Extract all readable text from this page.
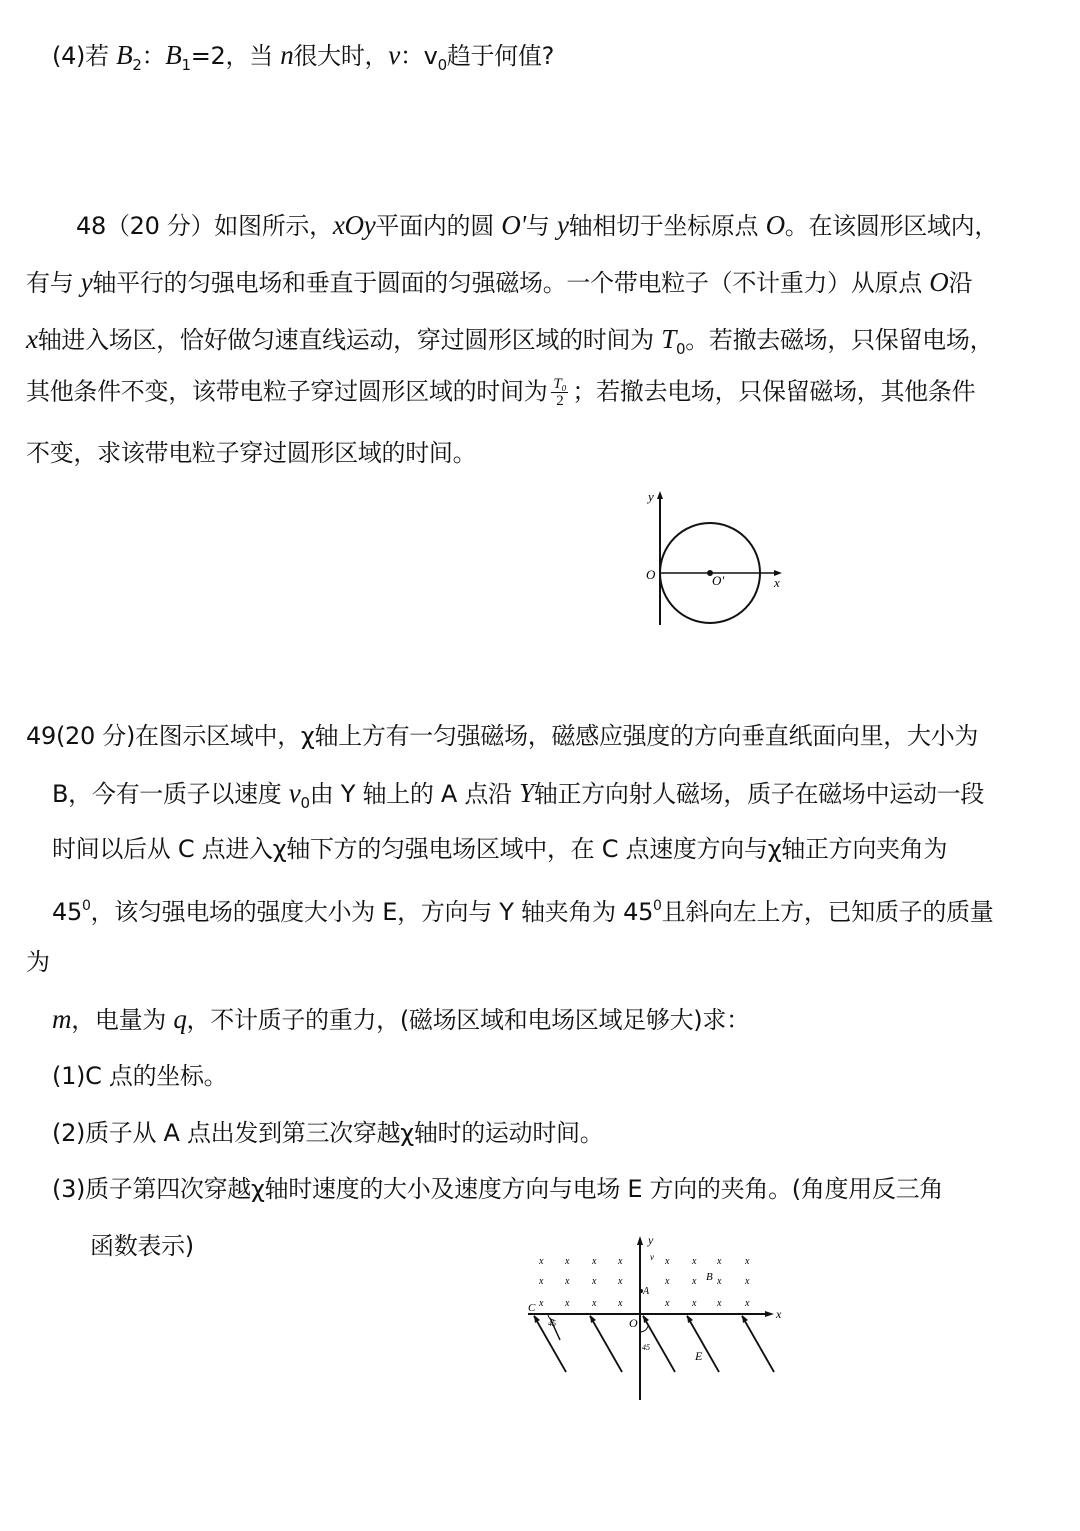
(4)若 $B_2$：$B_1=2$，当 n很大时，v：$v_0$趋于何值?
48（20 分）如图所示，xOy平面内的圆 O'与 y轴相切于坐标原点 O。在该圆形区域内，
有与 y轴平行的匀强电场和垂直于圆面的匀强磁场。一个带电粒子（不计重力）从原点 O沿
x轴进入场区，恰好做匀速直线运动，穿过圆形区域的时间为 $T_0$。若撤去磁场，只保留电场，
其他条件不变，该带电粒子穿过圆形区域的时间为 $\frac{\text{T₀}}{2}$ ；若撤去电场，只保留磁场，其他条件
不变，求该带电粒子穿过圆形区域的时间。
49(20 分)在图示区域中，χ轴上方有一匀强磁场，磁感应强度的方向垂直纸面向里，大小为
B，今有一质子以速度 $v_0$由 Y 轴上的 A 点沿 Y轴正方向射人磁场，质子在磁场中运动一段
时间以后从 C 点进入χ轴下方的匀强电场区域中，在 C 点速度方向与χ轴正方向夹角为
$45^0$，该匀强电场的强度大小为 E，方向与 Y 轴夹角为 $45^0$且斜向左上方，已知质子的质量
为
m，电量为 q，不计质子的重力，(磁场区域和电场区域足够大)求：
(1)C 点的坐标。
(2)质子从 A 点出发到第三次穿越χ轴时的运动时间。
(3)质子第四次穿越χ轴时速度的大小及速度方向与电场 E 方向的夹角。(角度用反三角
函数表示)
y
O	O'	x
x
x
x
x
x
x
x
x
x
x
x
x
x
x
x
x
x
x
x
x
x
x
x
x
y
v
A
B
C
O
x
E
45
45
